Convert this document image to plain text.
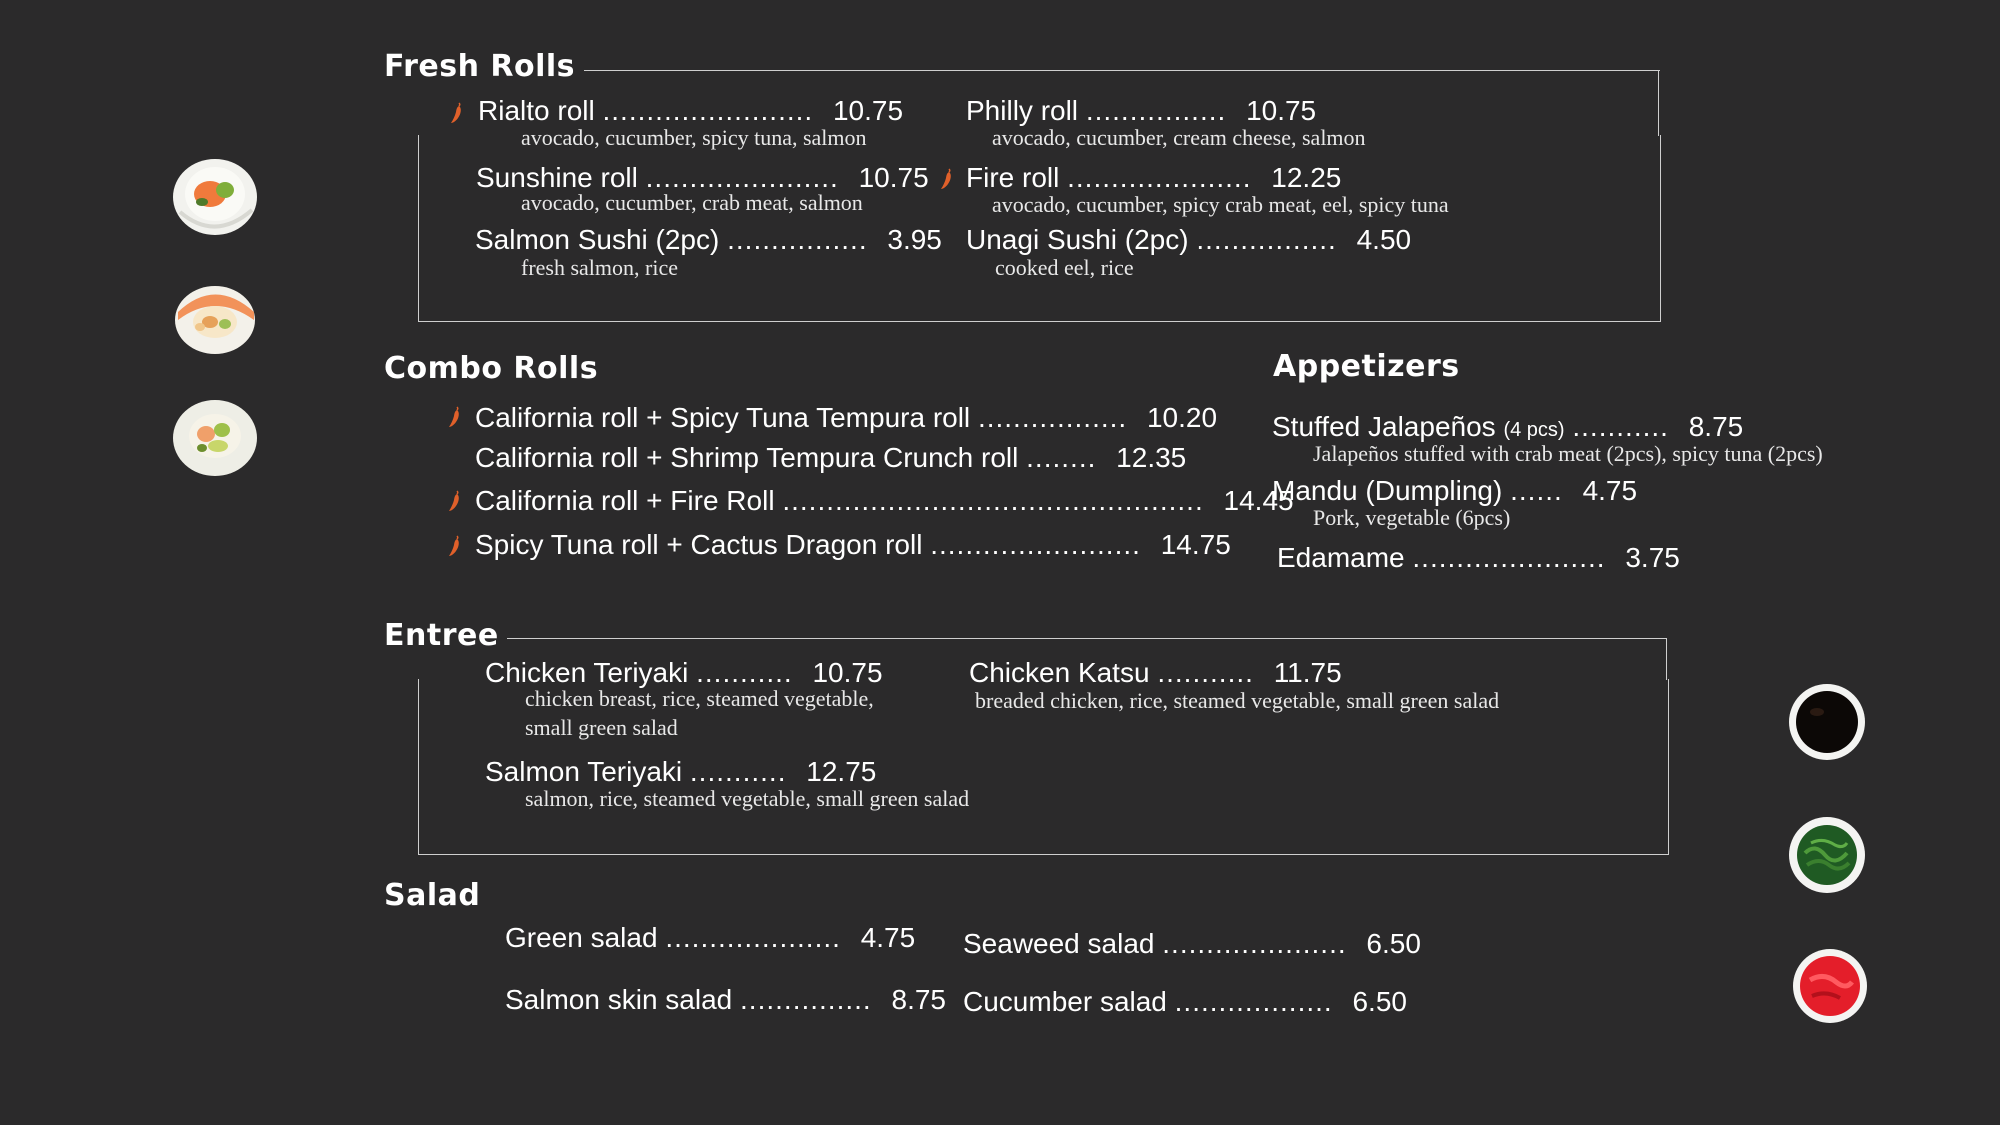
Fresh Rolls
Rialto roll ........................ 10.75
avocado, cucumber, spicy tuna, salmon
Philly roll ................ 10.75
avocado, cucumber, cream cheese, salmon
Sunshine roll ...................... 10.75
avocado, cucumber, crab meat, salmon
Fire roll ..................... 12.25
avocado, cucumber, spicy crab meat, eel, spicy tuna
Salmon Sushi (2pc) ................ 3.95
fresh salmon, rice
Unagi Sushi (2pc) ................ 4.50
cooked eel, rice
Combo Rolls
California roll + Spicy Tuna Tempura roll ................. 10.20
California roll + Shrimp Tempura Crunch roll ........ 12.35
California roll + Fire Roll ................................................ 14.45
Spicy Tuna roll + Cactus Dragon roll ........................ 14.75
Appetizers
Stuffed Jalapeños (4 pcs) ........... 8.75
Jalapeños stuffed with crab meat (2pcs), spicy tuna (2pcs)
Mandu (Dumpling) ...... 4.75
Pork, vegetable (6pcs)
Edamame ...................... 3.75
Entree
Chicken Teriyaki ........... 10.75
chicken breast, rice, steamed vegetable,
small green salad
Chicken Katsu ........... 11.75
breaded chicken, rice, steamed vegetable, small green salad
Salmon Teriyaki ........... 12.75
salmon, rice, steamed vegetable, small green salad
Salad
Green salad .................... 4.75 Seaweed salad ..................... 6.50
Salmon skin salad ............... 8.75 Cucumber salad .................. 6.50
